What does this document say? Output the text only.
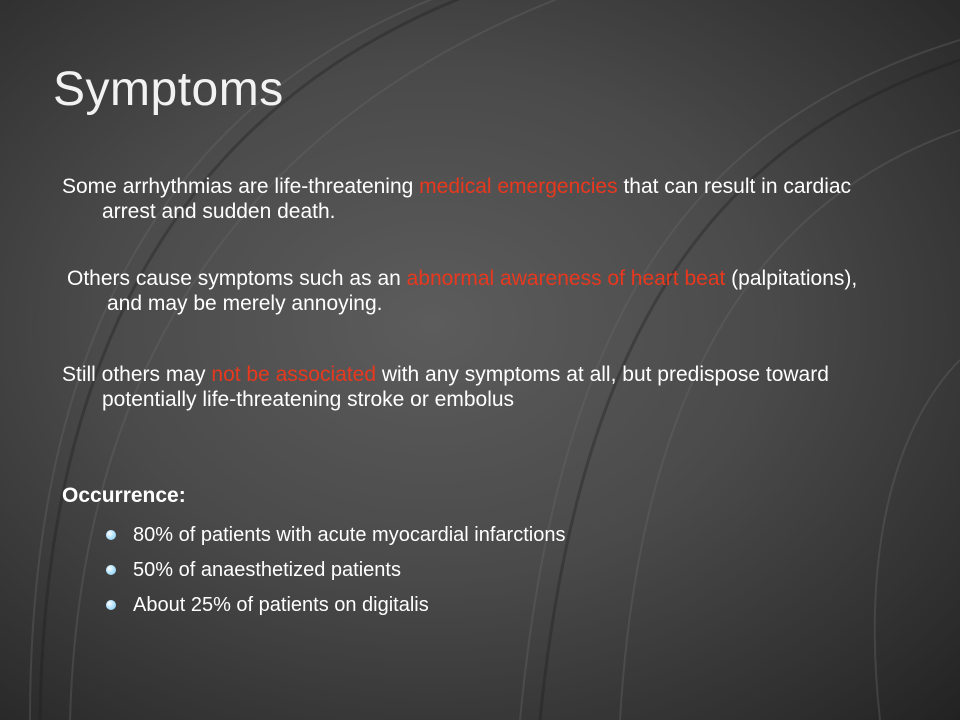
Symptoms

Some arrhythmias are life-threatening medical emergencies that can result in cardiac arrest and sudden death.

Others cause symptoms such as an abnormal awareness of heart beat (palpitations), and may be merely annoying.

Still others may not be associated with any symptoms at all, but predispose toward potentially life-threatening stroke or embolus

Occurrence:

80% of patients with acute myocardial infarctions
50% of anaesthetized patients
About 25% of patients on digitalis
